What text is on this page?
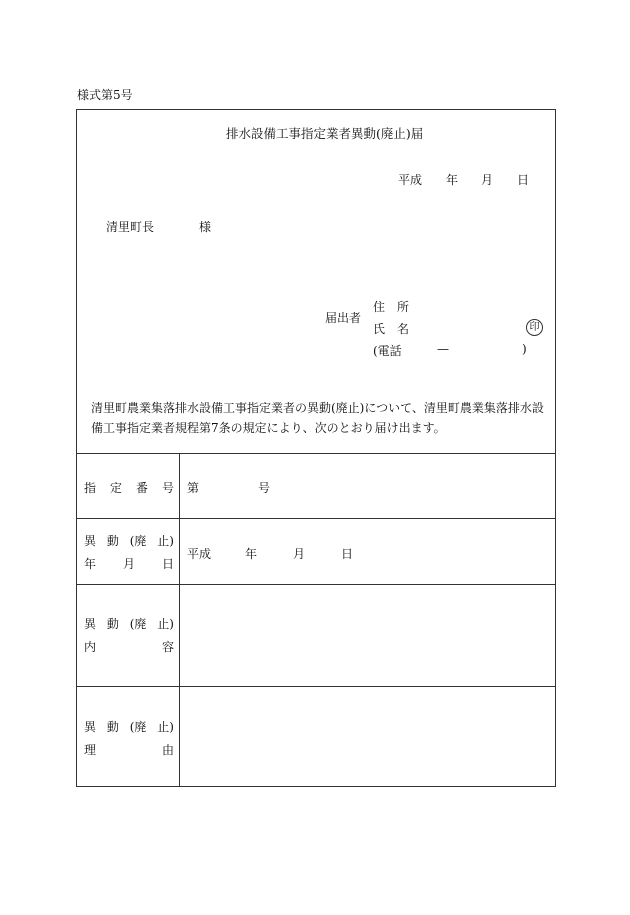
様式第5号
排水設備工事指定業者異動(廃止)届
平成 年 月 日
清里町長	様
届出者
住　所
氏　名
(電話	—	)
印
清里町農業集落排水設備工事指定業者の異動(廃止)について、清里町農業集落排水設備工事指定業者規程第7条の規定により、次のとおり届け出ます。
指 定 番 号 第	号
異 動 (廃 止)
年 月 日
平成	年	月	日
異 動 (廃 止)
内	容
異 動 (廃 止)
理	由
